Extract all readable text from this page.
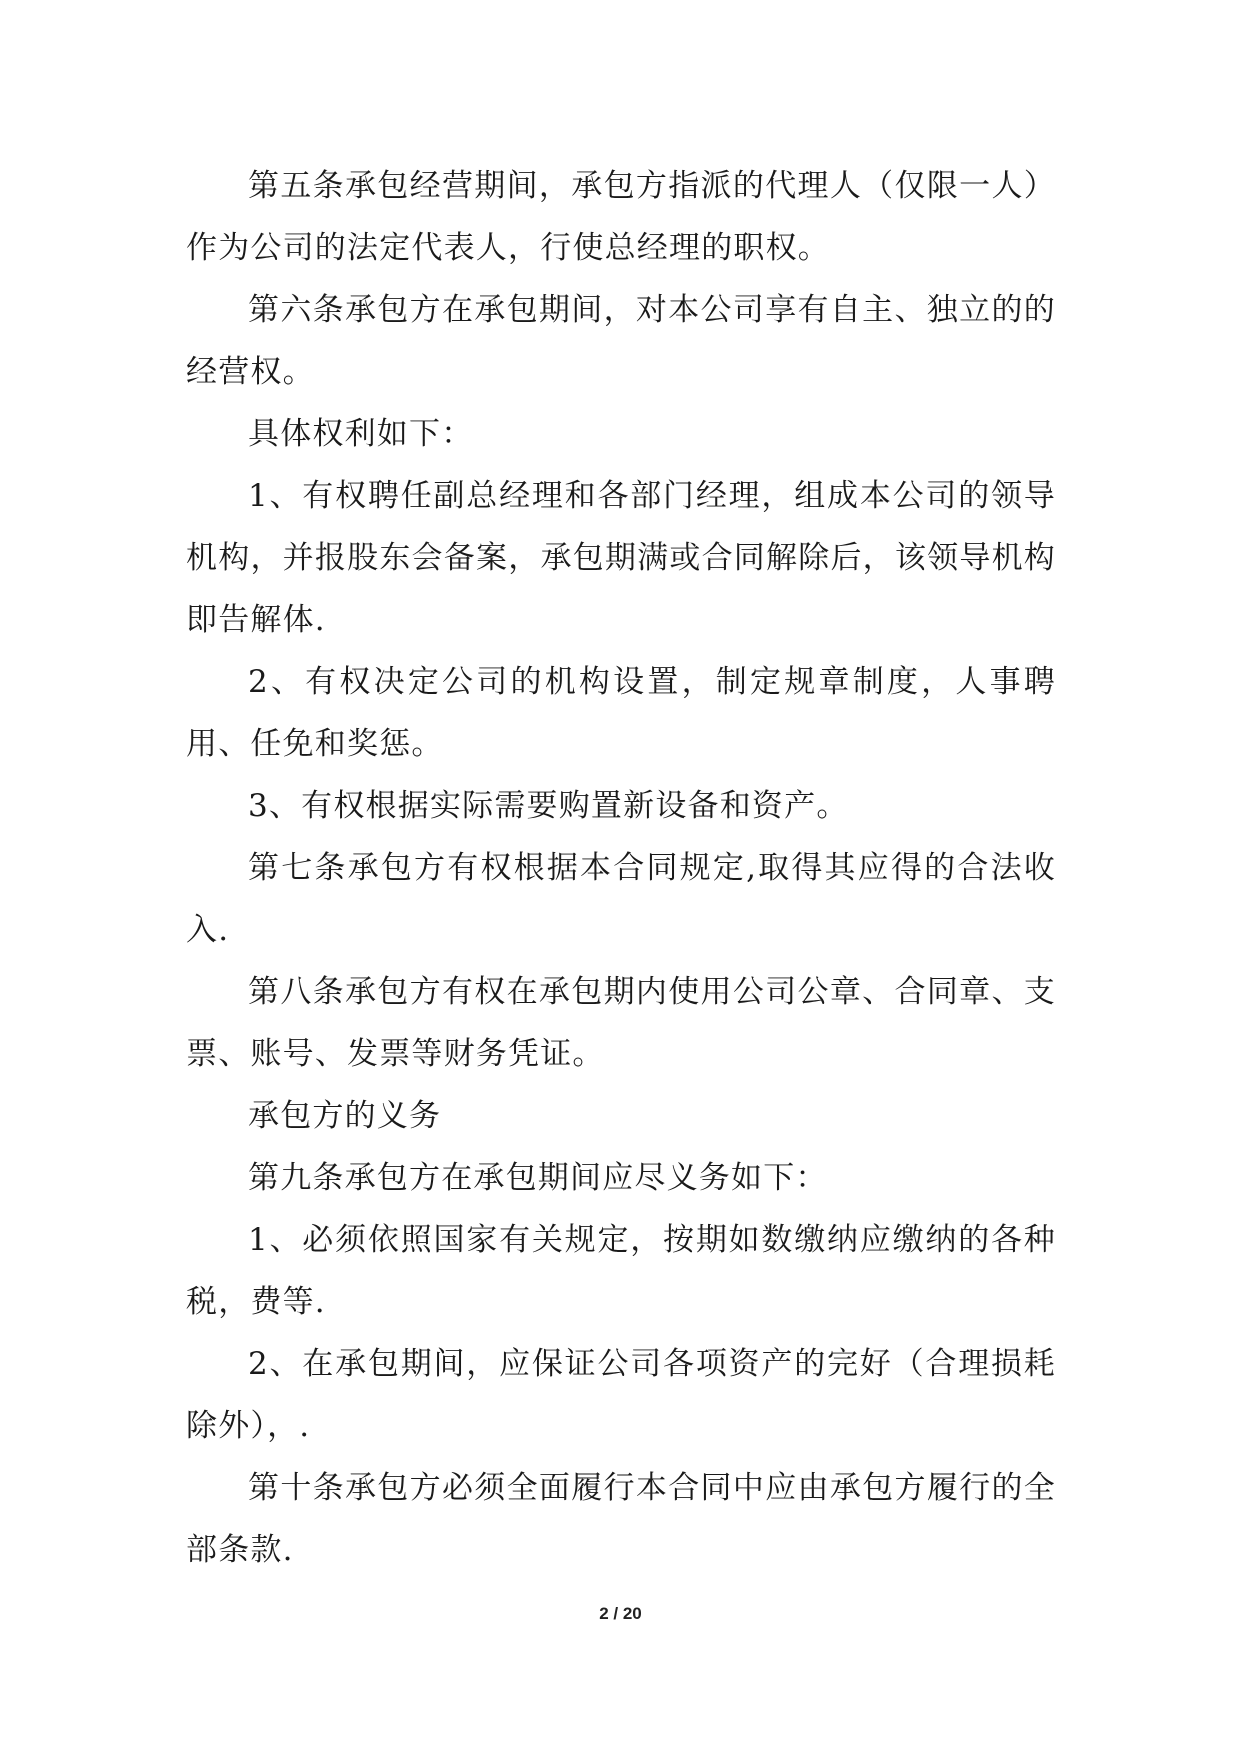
第五条承包经营期间，承包方指派的代理人（仅限一人）作为公司的法定代表人，行使总经理的职权。

第六条承包方在承包期间，对本公司享有自主、独立的的经营权。

具体权利如下：

1、有权聘任副总经理和各部门经理，组成本公司的领导机构，并报股东会备案，承包期满或合同解除后，该领导机构即告解体.

2、有权决定公司的机构设置，制定规章制度，人事聘用、任免和奖惩。

3、有权根据实际需要购置新设备和资产。

第七条承包方有权根据本合同规定,取得其应得的合法收入.

第八条承包方有权在承包期内使用公司公章、合同章、支票、账号、发票等财务凭证。

承包方的义务

第九条承包方在承包期间应尽义务如下：

1、必须依照国家有关规定，按期如数缴纳应缴纳的各种税，费等.

2、在承包期间，应保证公司各项资产的完好（合理损耗除外），.

第十条承包方必须全面履行本合同中应由承包方履行的全部条款.

2 / 20
